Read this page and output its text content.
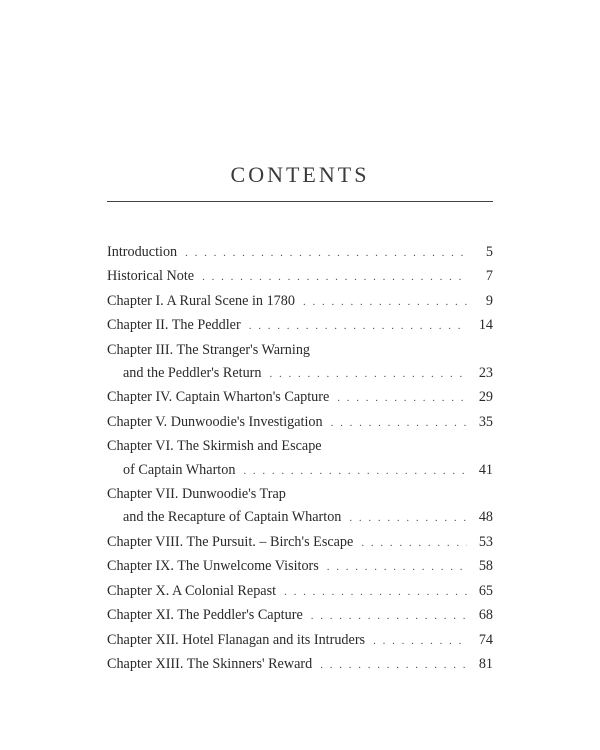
CONTENTS
Introduction . . .	5
Historical Note . . .	7
Chapter I. A Rural Scene in 1780 . . .	9
Chapter II. The Peddler . . .	14
Chapter III. The Stranger's Warning
and the Peddler's Return . . .	23
Chapter IV. Captain Wharton's Capture . . .	29
Chapter V. Dunwoodie's Investigation . . .	35
Chapter VI. The Skirmish and Escape
of Captain Wharton . . .	41
Chapter VII. Dunwoodie's Trap
and the Recapture of Captain Wharton . . .	48
Chapter VIII. The Pursuit. – Birch's Escape . . .	53
Chapter IX. The Unwelcome Visitors . . .	58
Chapter X. A Colonial Repast . . .	65
Chapter XI. The Peddler's Capture . . .	68
Chapter XII. Hotel Flanagan and its Intruders . . .	74
Chapter XIII. The Skinners' Reward . . .	81
